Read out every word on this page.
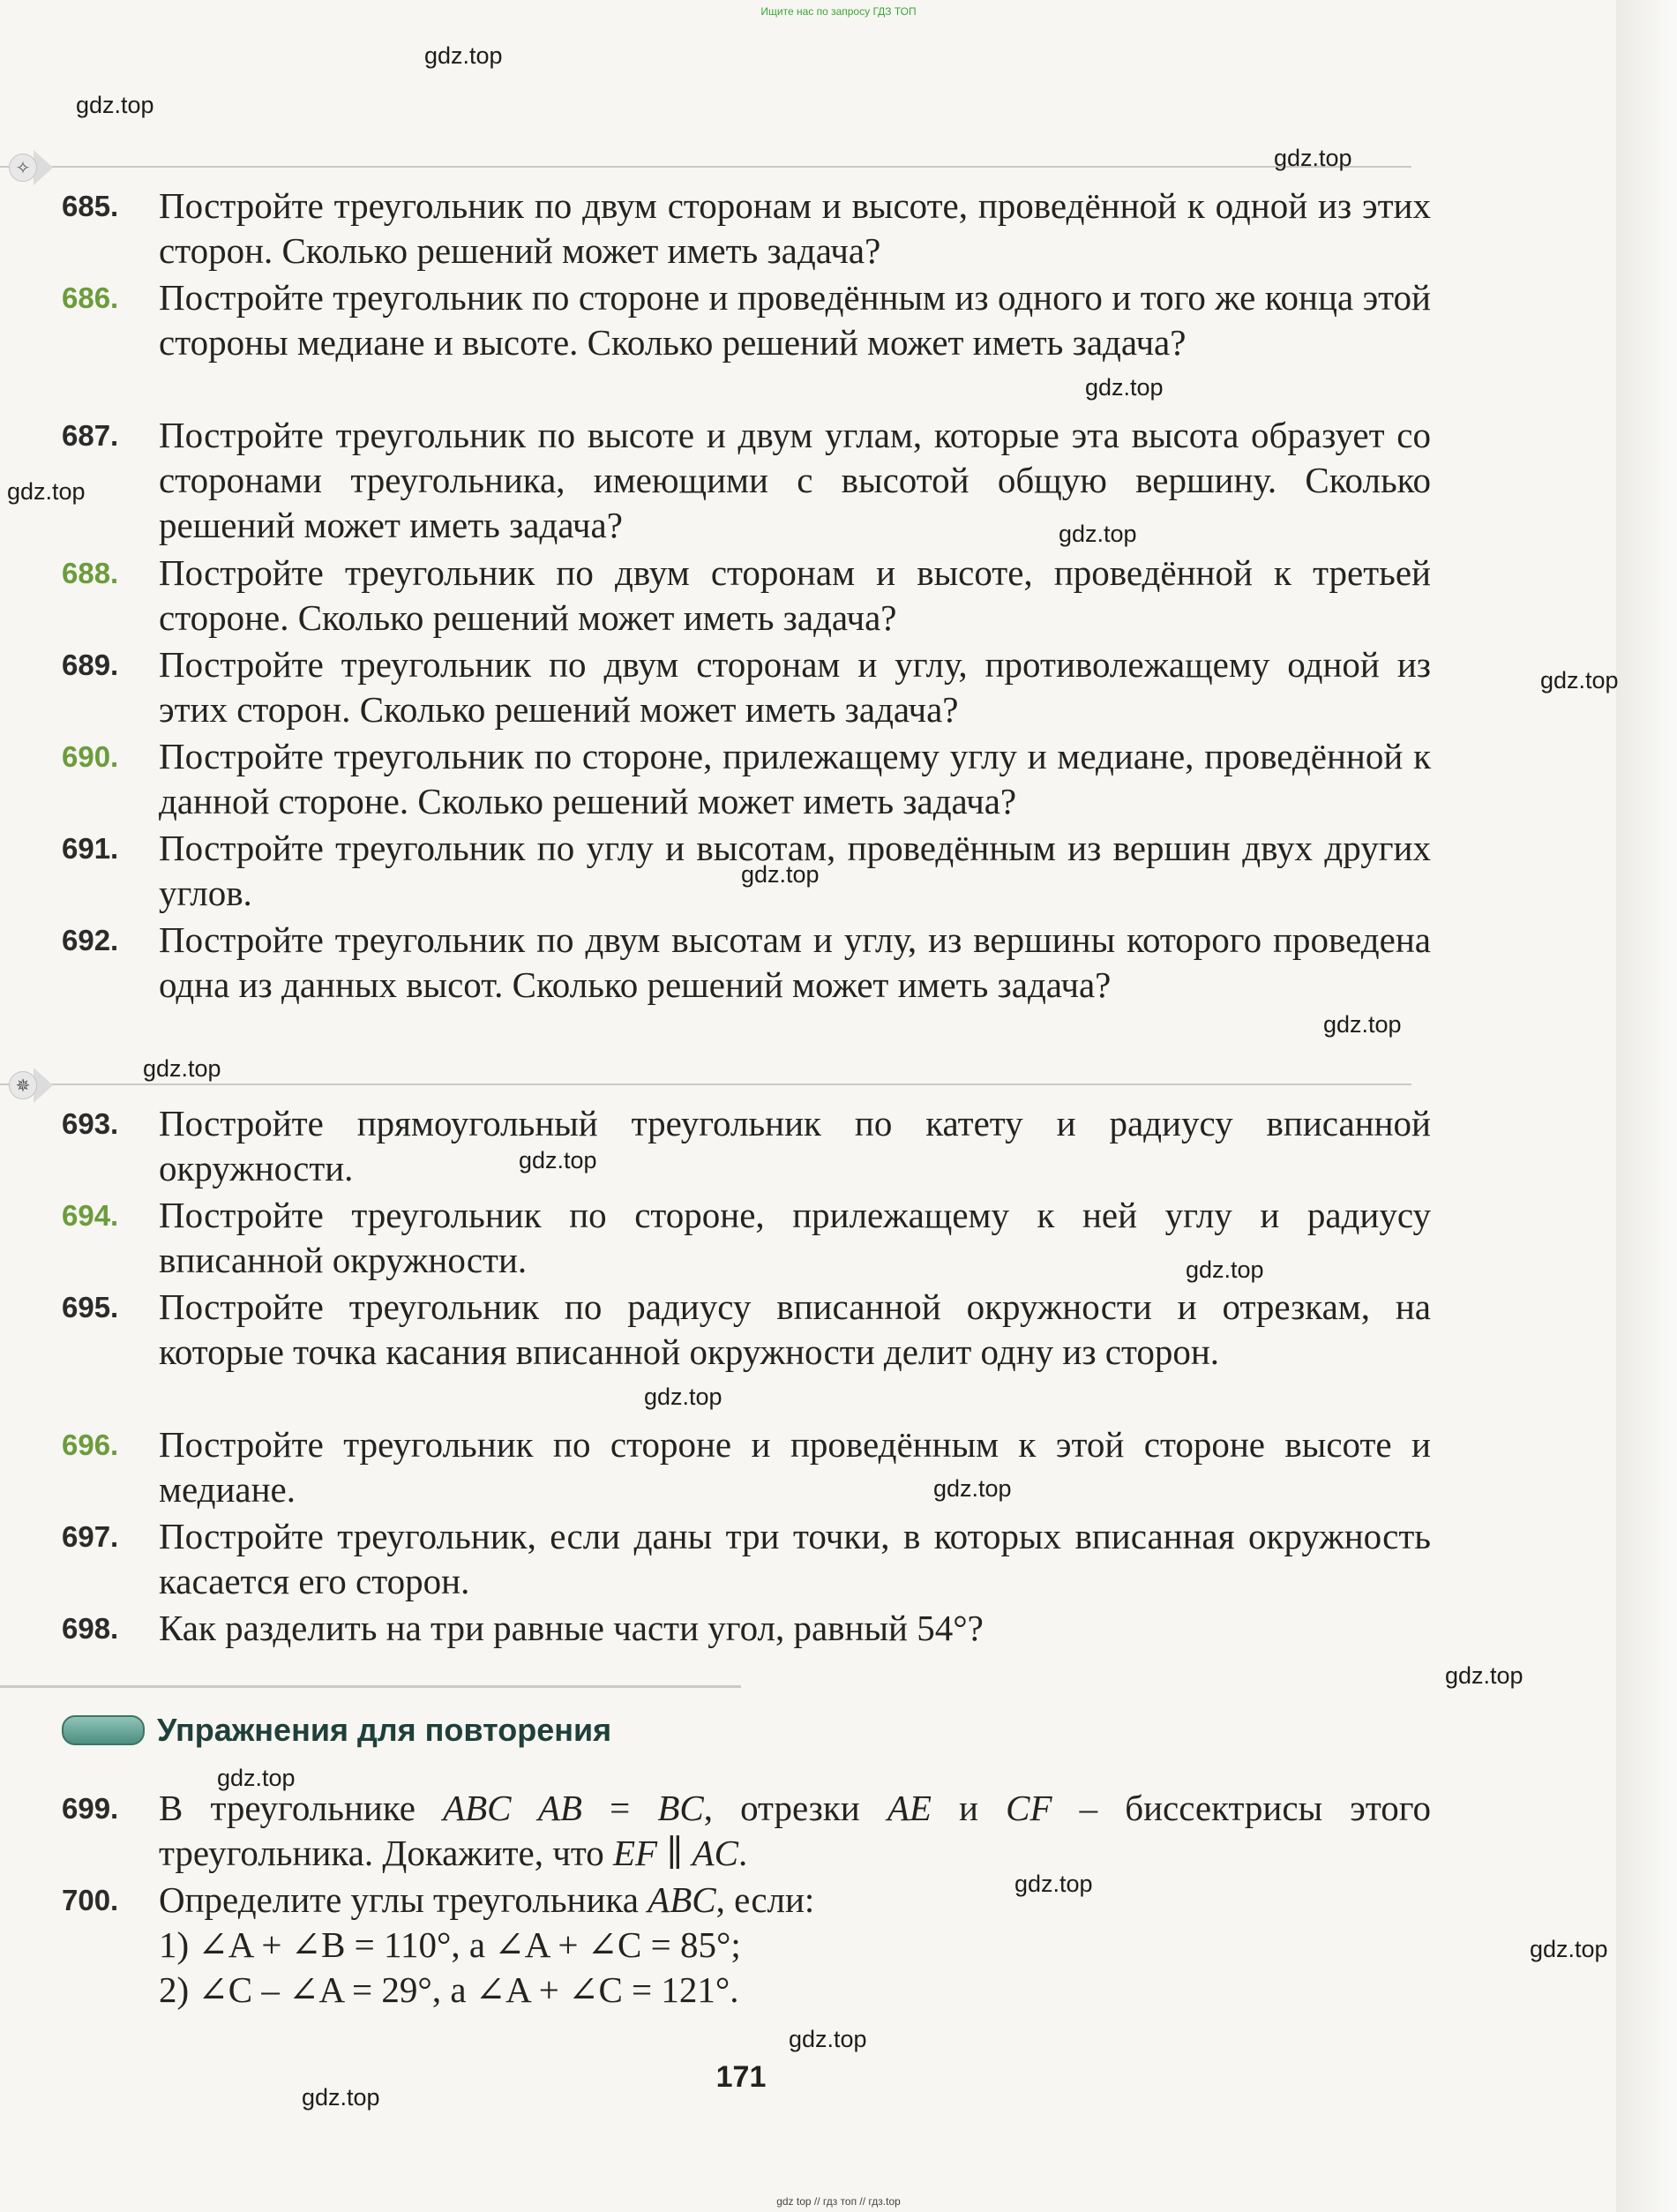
Ищите нас по запросу ГДЗ ТОП
✧
✵
685.	Постройте треугольник по двум сторонам и высоте, проведённой к одной из этих сторон. Сколько решений может иметь задача?
686.	Постройте треугольник по стороне и проведённым из одного и того же конца этой стороны медиане и высоте. Сколько решений может иметь задача?
687.	Постройте треугольник по высоте и двум углам, которые эта высота образует со сторонами треугольника, имеющими с высотой общую вершину. Сколько решений может иметь задача?
688.	Постройте треугольник по двум сторонам и высоте, проведённой к третьей стороне. Сколько решений может иметь задача?
689.	Постройте треугольник по двум сторонам и углу, противолежащему одной из этих сторон. Сколько решений может иметь задача?
690.	Постройте треугольник по стороне, прилежащему углу и медиане, проведённой к данной стороне. Сколько решений может иметь задача?
691.	Постройте треугольник по углу и высотам, проведённым из вершин двух других углов.
692.	Постройте треугольник по двум высотам и углу, из вершины которого проведена одна из данных высот. Сколько решений может иметь задача?
693.	Постройте прямоугольный треугольник по катету и радиусу вписанной окружности.
694.	Постройте треугольник по стороне, прилежащему к ней углу и радиусу вписанной окружности.
695.	Постройте треугольник по радиусу вписанной окружности и отрезкам, на которые точка касания вписанной окружности делит одну из сторон.
696.	Постройте треугольник по стороне и проведённым к этой стороне высоте и медиане.
697.	Постройте треугольник, если даны три точки, в которых вписанная окружность касается его сторон.
698.	Как разделить на три равные части угол, равный 54°?
Упражнения для повторения
699.	В треугольнике ABC AB = BC, отрезки AE и CF – биссектрисы этого треугольника. Докажите, что EF ∥ AC.
700.	Определите углы треугольника ABC, если:
1) ∠A + ∠B = 110°, а ∠A + ∠C = 85°;
2) ∠C – ∠A = 29°, а ∠A + ∠C = 121°.
171
gdz.top
gdz.top
gdz.top
gdz.top
gdz.top
gdz.top
gdz.top
gdz.top
gdz.top
gdz.top
gdz.top
gdz.top
gdz.top
gdz.top
gdz.top
gdz.top
gdz.top
gdz.top
gdz.top
gdz.top
gdz top // гдз топ // гдз.top
